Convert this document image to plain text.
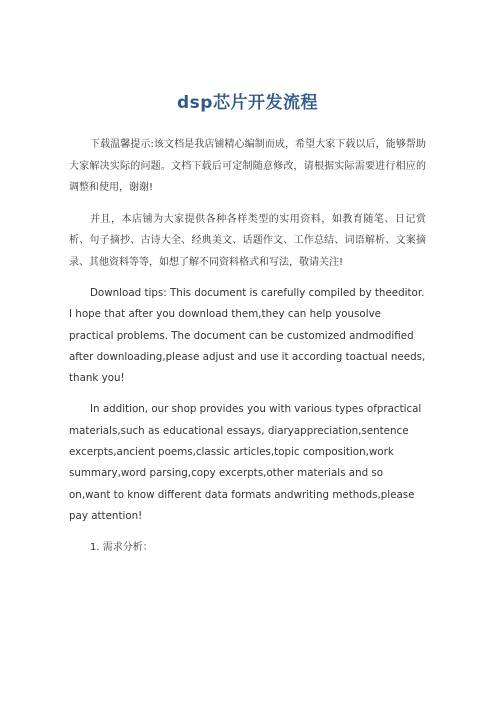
dsp芯片开发流程

下载温馨提示:该文档是我店铺精心编制而成，希望大家下载以后，能够帮助大家解决实际的问题。文档下载后可定制随意修改，请根据实际需要进行相应的调整和使用，谢谢!

并且，本店铺为大家提供各种各样类型的实用资料，如教育随笔、日记赏析、句子摘抄、古诗大全、经典美文、话题作文、工作总结、词语解析、文案摘录、其他资料等等，如想了解不同资料格式和写法，敬请关注!

Download tips: This document is carefully compiled by theeditor. I hope that after you download them,they can help yousolve practical problems. The document can be customized andmodified after downloading,please adjust and use it according toactual needs, thank you!

In addition, our shop provides you with various types ofpractical materials,such as educational essays, diaryappreciation,sentence excerpts,ancient poems,classic articles,topic composition,work summary,word parsing,copy excerpts,other materials and so on,want to know different data formats andwriting methods,please pay attention!

1. 需求分析：
